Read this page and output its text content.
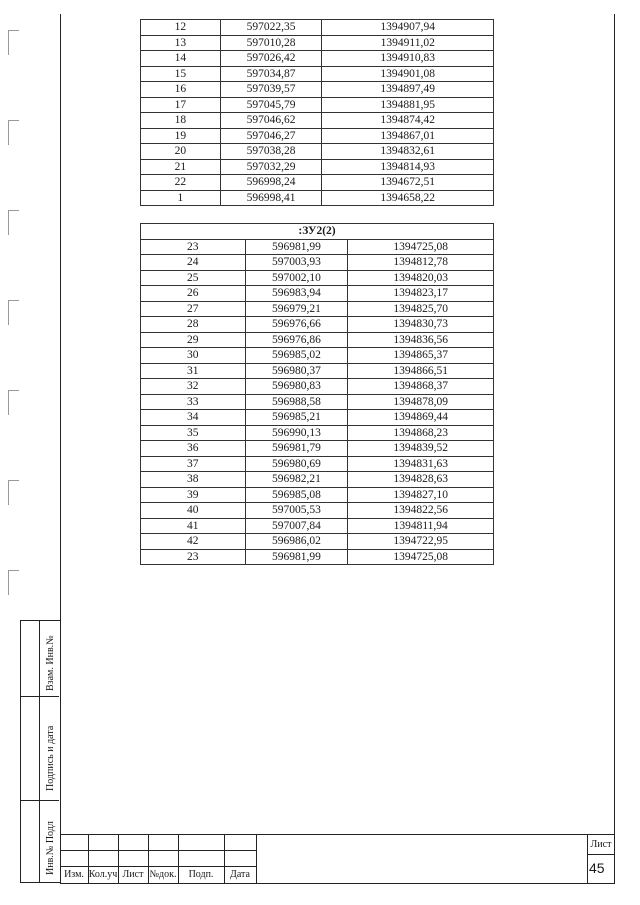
12	597022,35	1394907,94
13	597010,28	1394911,02
14	597026,42	1394910,83
15	597034,87	1394901,08
16	597039,57	1394897,49
17	597045,79	1394881,95
18	597046,62	1394874,42
19	597046,27	1394867,01
20	597038,28	1394832,61
21	597032,29	1394814,93
22	596998,24	1394672,51
1	596998,41	1394658,22
:ЗУ2(2)		
23	596981,99	1394725,08
24	597003,93	1394812,78
25	597002,10	1394820,03
26	596983,94	1394823,17
27	596979,21	1394825,70
28	596976,66	1394830,73
29	596976,86	1394836,56
30	596985,02	1394865,37
31	596980,37	1394866,51
32	596980,83	1394868,37
33	596988,58	1394878,09
34	596985,21	1394869,44
35	596990,13	1394868,23
36	596981,79	1394839,52
37	596980,69	1394831,63
38	596982,21	1394828,63
39	596985,08	1394827,10
40	597005,53	1394822,56
41	597007,84	1394811,94
42	596986,02	1394722,95
23	596981,99	1394725,08
Взам. Инв.№
Подпись и дата
Инв.№ Подл Изм. Кол.уч Лист №док.	Подп.	Дата
Лист
45
